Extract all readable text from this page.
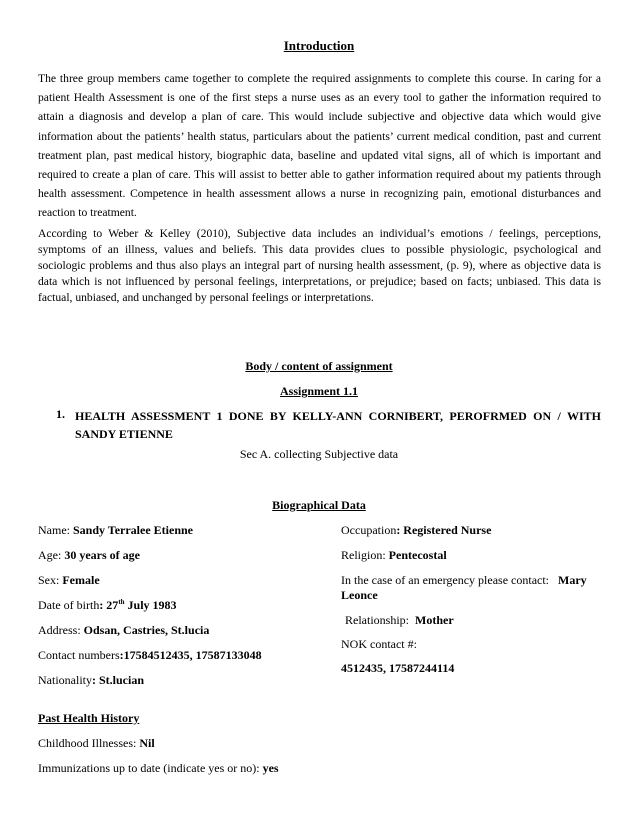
Introduction
The three group members came together to complete the required assignments to complete this course. In caring for a patient Health Assessment is one of the first steps a nurse uses as an every tool to gather the information required to attain a diagnosis and develop a plan of care. This would include subjective and objective data which would give information about the patients’ health status, particulars about the patients’ current medical condition, past and current treatment plan, past medical history, biographic data, baseline and updated vital signs, all of which is important and required to create a plan of care. This will assist to better able to gather information required about my patients through health assessment. Competence in health assessment allows a nurse in recognizing pain, emotional disturbances and reaction to treatment.
According to Weber & Kelley (2010), Subjective data includes an individual’s emotions / feelings, perceptions, symptoms of an illness, values and beliefs. This data provides clues to possible physiologic, psychological and sociologic problems and thus also plays an integral part of nursing health assessment, (p. 9), where as objective data is data which is not influenced by personal feelings, interpretations, or prejudice; based on facts; unbiased. This data is factual, unbiased, and unchanged by personal feelings or interpretations.
Body / content of assignment
Assignment 1.1
1. HEALTH ASSESSMENT 1 DONE BY KELLY-ANN CORNIBERT, PEROFRMED ON / WITH SANDY ETIENNE
Sec A. collecting Subjective data
Biographical Data
Name: Sandy Terralee Etienne
Age: 30 years of age
Sex: Female
Date of birth: 27th July 1983
Address: Odsan, Castries, St.lucia
Contact numbers:17584512435, 17587133048
Nationality: St.lucian
Occupation: Registered Nurse
Religion: Pentecostal
In the case of an emergency please contact: Mary Leonce
Relationship:  Mother
NOK contact #:
4512435, 17587244114
Past Health History
Childhood Illnesses: Nil
Immunizations up to date (indicate yes or no): yes
